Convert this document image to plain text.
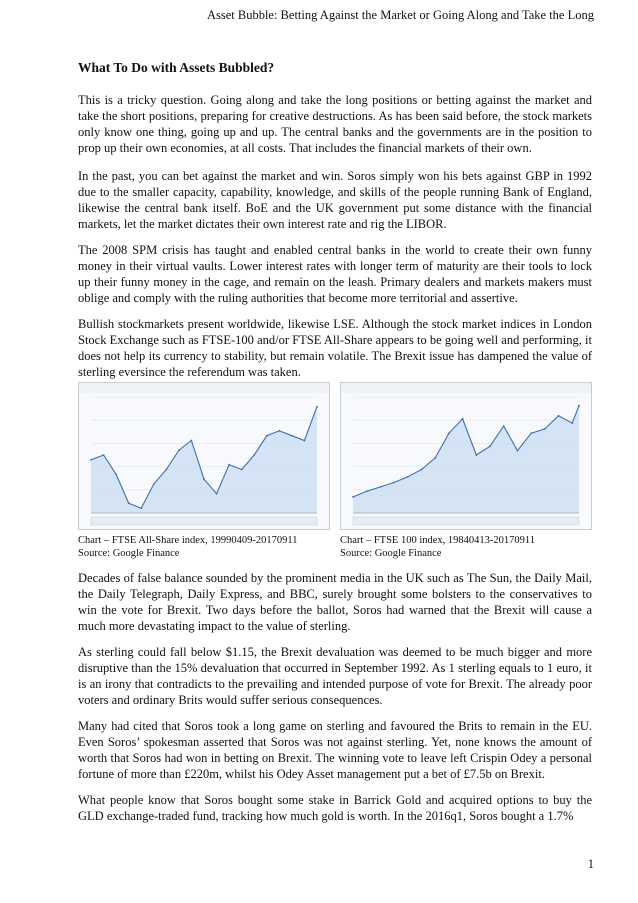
Asset Bubble: Betting Against the Market or Going Along and Take the Long
What To Do with Assets Bubbled?

This is a tricky question. Going along and take the long positions or betting against the market and take the short positions, preparing for creative destructions. As has been said before, the stock markets only know one thing, going up and up. The central banks and the governments are in the position to prop up their own economies, at all costs. That includes the financial markets of their own.

In the past, you can bet against the market and win. Soros simply won his bets against GBP in 1992 due to the smaller capacity, capability, knowledge, and skills of the people running Bank of England, likewise the central bank itself. BoE and the UK government put some distance with the financial markets, let the market dictates their own interest rate and rig the LIBOR.

The 2008 SPM crisis has taught and enabled central banks in the world to create their own funny money in their virtual vaults. Lower interest rates with longer term of maturity are their tools to lock up their funny money in the cage, and remain on the leash. Primary dealers and markets makers must oblige and comply with the ruling authorities that become more territorial and assertive.

Bullish stockmarkets present worldwide, likewise LSE. Although the stock market indices in London Stock Exchange such as FTSE-100 and/or FTSE All-Share appears to be going well and performing, it does not help its currency to stability, but remain volatile. The Brexit issue has dampened the value of sterling eversince the referendum was taken.

Chart – FTSE All-Share index, 19990409-20170911
Source: Google Finance
Chart – FTSE 100 index, 19840413-20170911
Source: Google Finance

Decades of false balance sounded by the prominent media in the UK such as The Sun, the Daily Mail, the Daily Telegraph, Daily Express, and BBC, surely brought some bolsters to the conservatives to win the vote for Brexit. Two days before the ballot, Soros had warned that the Brexit will cause a much more devastating impact to the value of sterling.

As sterling could fall below $1.15, the Brexit devaluation was deemed to be much bigger and more disruptive than the 15% devaluation that occurred in September 1992. As 1 sterling equals to 1 euro, it is an irony that contradicts to the prevailing and intended purpose of vote for Brexit. The already poor voters and ordinary Brits would suffer serious consequences.

Many had cited that Soros took a long game on sterling and favoured the Brits to remain in the EU. Even Soros’ spokesman asserted that Soros was not against sterling. Yet, none knows the amount of worth that Soros had won in betting on Brexit. The winning vote to leave left Crispin Odey a personal fortune of more than £220m, whilst his Odey Asset management put a bet of £7.5b on Brexit.

What people know that Soros bought some stake in Barrick Gold and acquired options to buy the GLD exchange-traded fund, tracking how much gold is worth. In the 2016q1, Soros bought a 1.7%

1
